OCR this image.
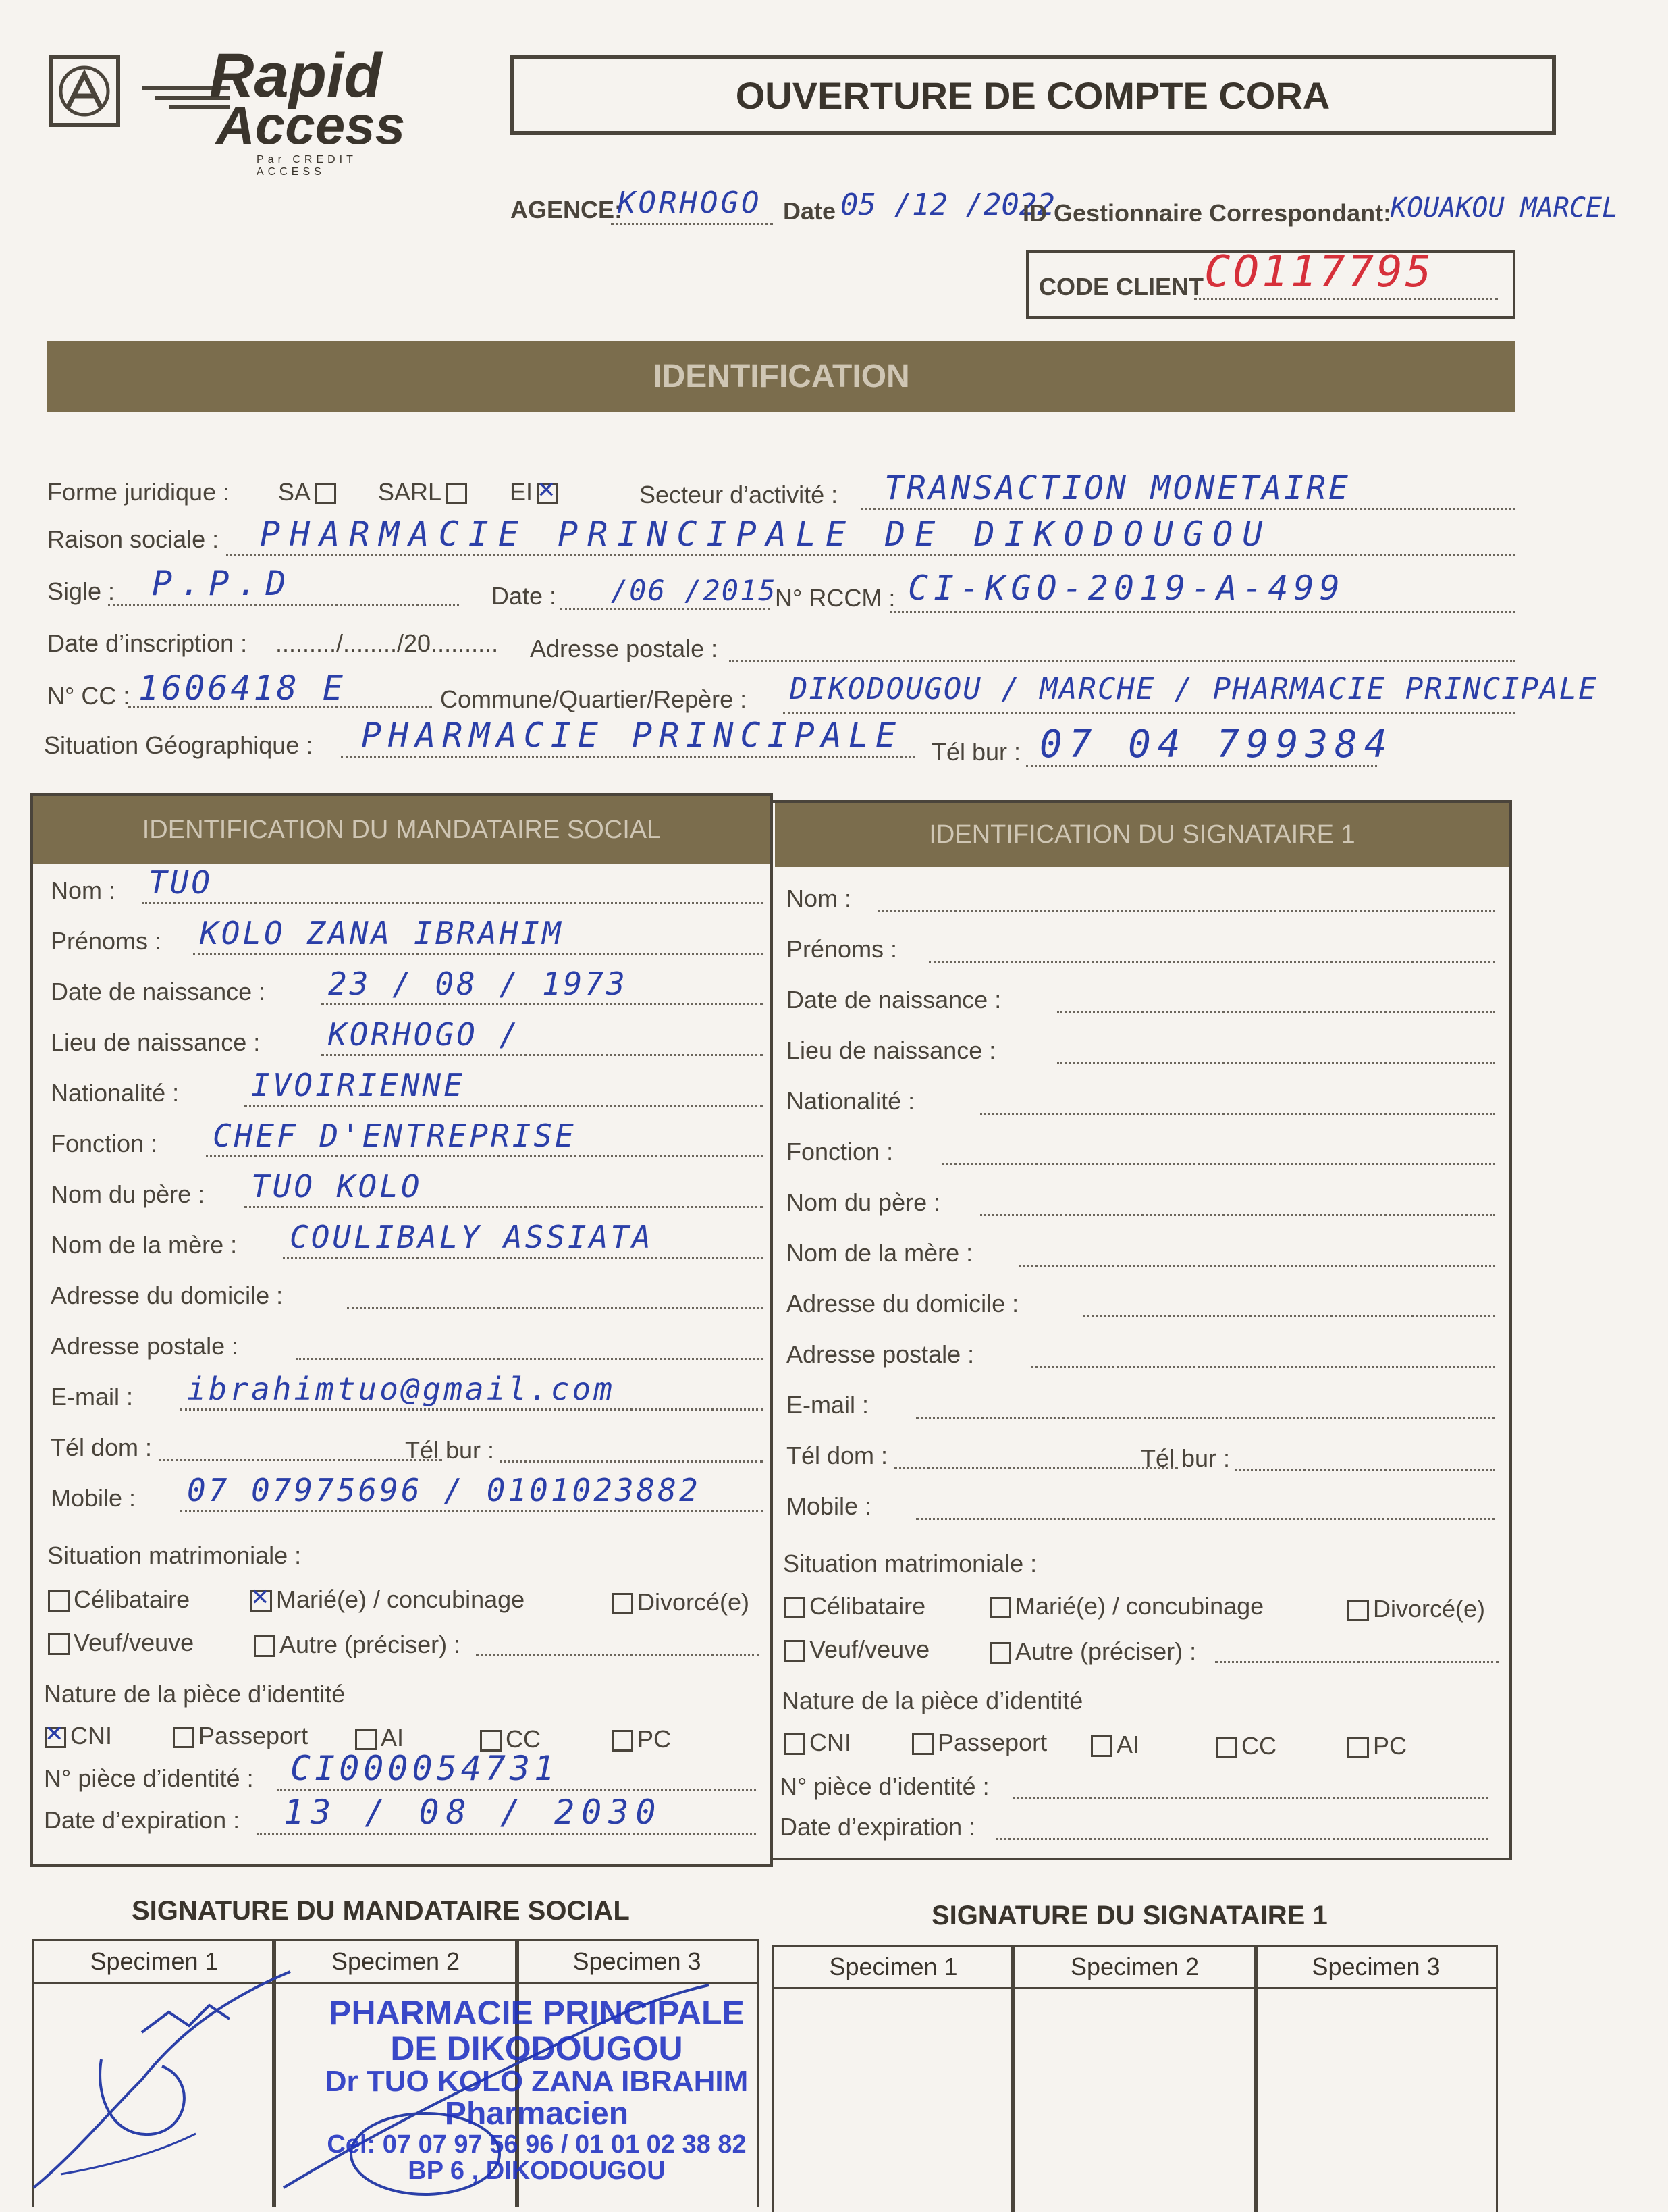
Rapid
Access
Par CREDIT ACCESS
OUVERTURE DE COMPTE CORA
AGENCE:
KORHOGO Date 05 /12 /2022
ID Gestionnaire Correspondant:
KOUAKOU MARCEL
CODE CLIENT CO117795
IDENTIFICATION
Forme juridique : SA	SARL	EI ✕	Secteur d’activité : TRANSACTION MONETAIRE
Raison sociale : PHARMACIE PRINCIPALE DE DIKODOUGOU
Sigle : P.P.D	Date : /06 /2015
N° RCCM : CI-KGO-2019-A-499
Date d’inscription : ........./......../20.......... Adresse postale :
N° CC : 1606418 E	Commune/Quartier/Repère : DIKODOUGOU / MARCHE / PHARMACIE PRINCIPALE
Situation Géographique : PHARMACIE PRINCIPALE Tél bur : 07 04 799384
IDENTIFICATION DU MANDATAIRE SOCIAL	IDENTIFICATION DU SIGNATAIRE 1
Nom : TUO
Prénoms : KOLO ZANA IBRAHIM
Date de naissance : 23 / 08 / 1973
Lieu de naissance : KORHOGO /
Nationalité : IVOIRIENNE
Fonction : CHEF D'ENTREPRISE
Nom du père : TUO KOLO
Nom de la mère : COULIBALY ASSIATA
Adresse du domicile :
Adresse postale :
E-mail : ibrahimtuo@gmail.com
Tél dom :	Tél bur :
Mobile : 07 07975696 / 0101023882
Nom :
Prénoms :
Date de naissance :
Lieu de naissance :
Nationalité :
Fonction :
Nom du père :
Nom de la mère :
Adresse du domicile :
Adresse postale :
E-mail :
Tél dom :	Tél bur :
Mobile :
Situation matrimoniale :
Célibataire ✕	Marié(e) / concubinage	Divorcé(e)
Veuf/veuve	Autre (préciser) :
Nature de la pièce d’identité
✕CNI	Passeport	AI	CC	PC
N° pièce d’identité : CI000054731
Date d’expiration : 13 / 08 / 2030
Situation matrimoniale :
Célibataire	Marié(e) / concubinage	Divorcé(e)
Veuf/veuve	Autre (préciser) :
Nature de la pièce d’identité
CNI	Passeport	AI	CC	PC
N° pièce d’identité :
Date d’expiration :
SIGNATURE DU MANDATAIRE SOCIAL	SIGNATURE DU SIGNATAIRE 1
Specimen 1	Specimen 2	Specimen 3	Specimen 1	Specimen 2	Specimen 3
PHARMACIE PRINCIPALE
DE DIKODOUGOU
Dr TUO KOLO ZANA IBRAHIM
Pharmacien
Cel: 07 07 97 56 96 / 01 01 02 38 82
BP 6 , DIKODOUGOU
